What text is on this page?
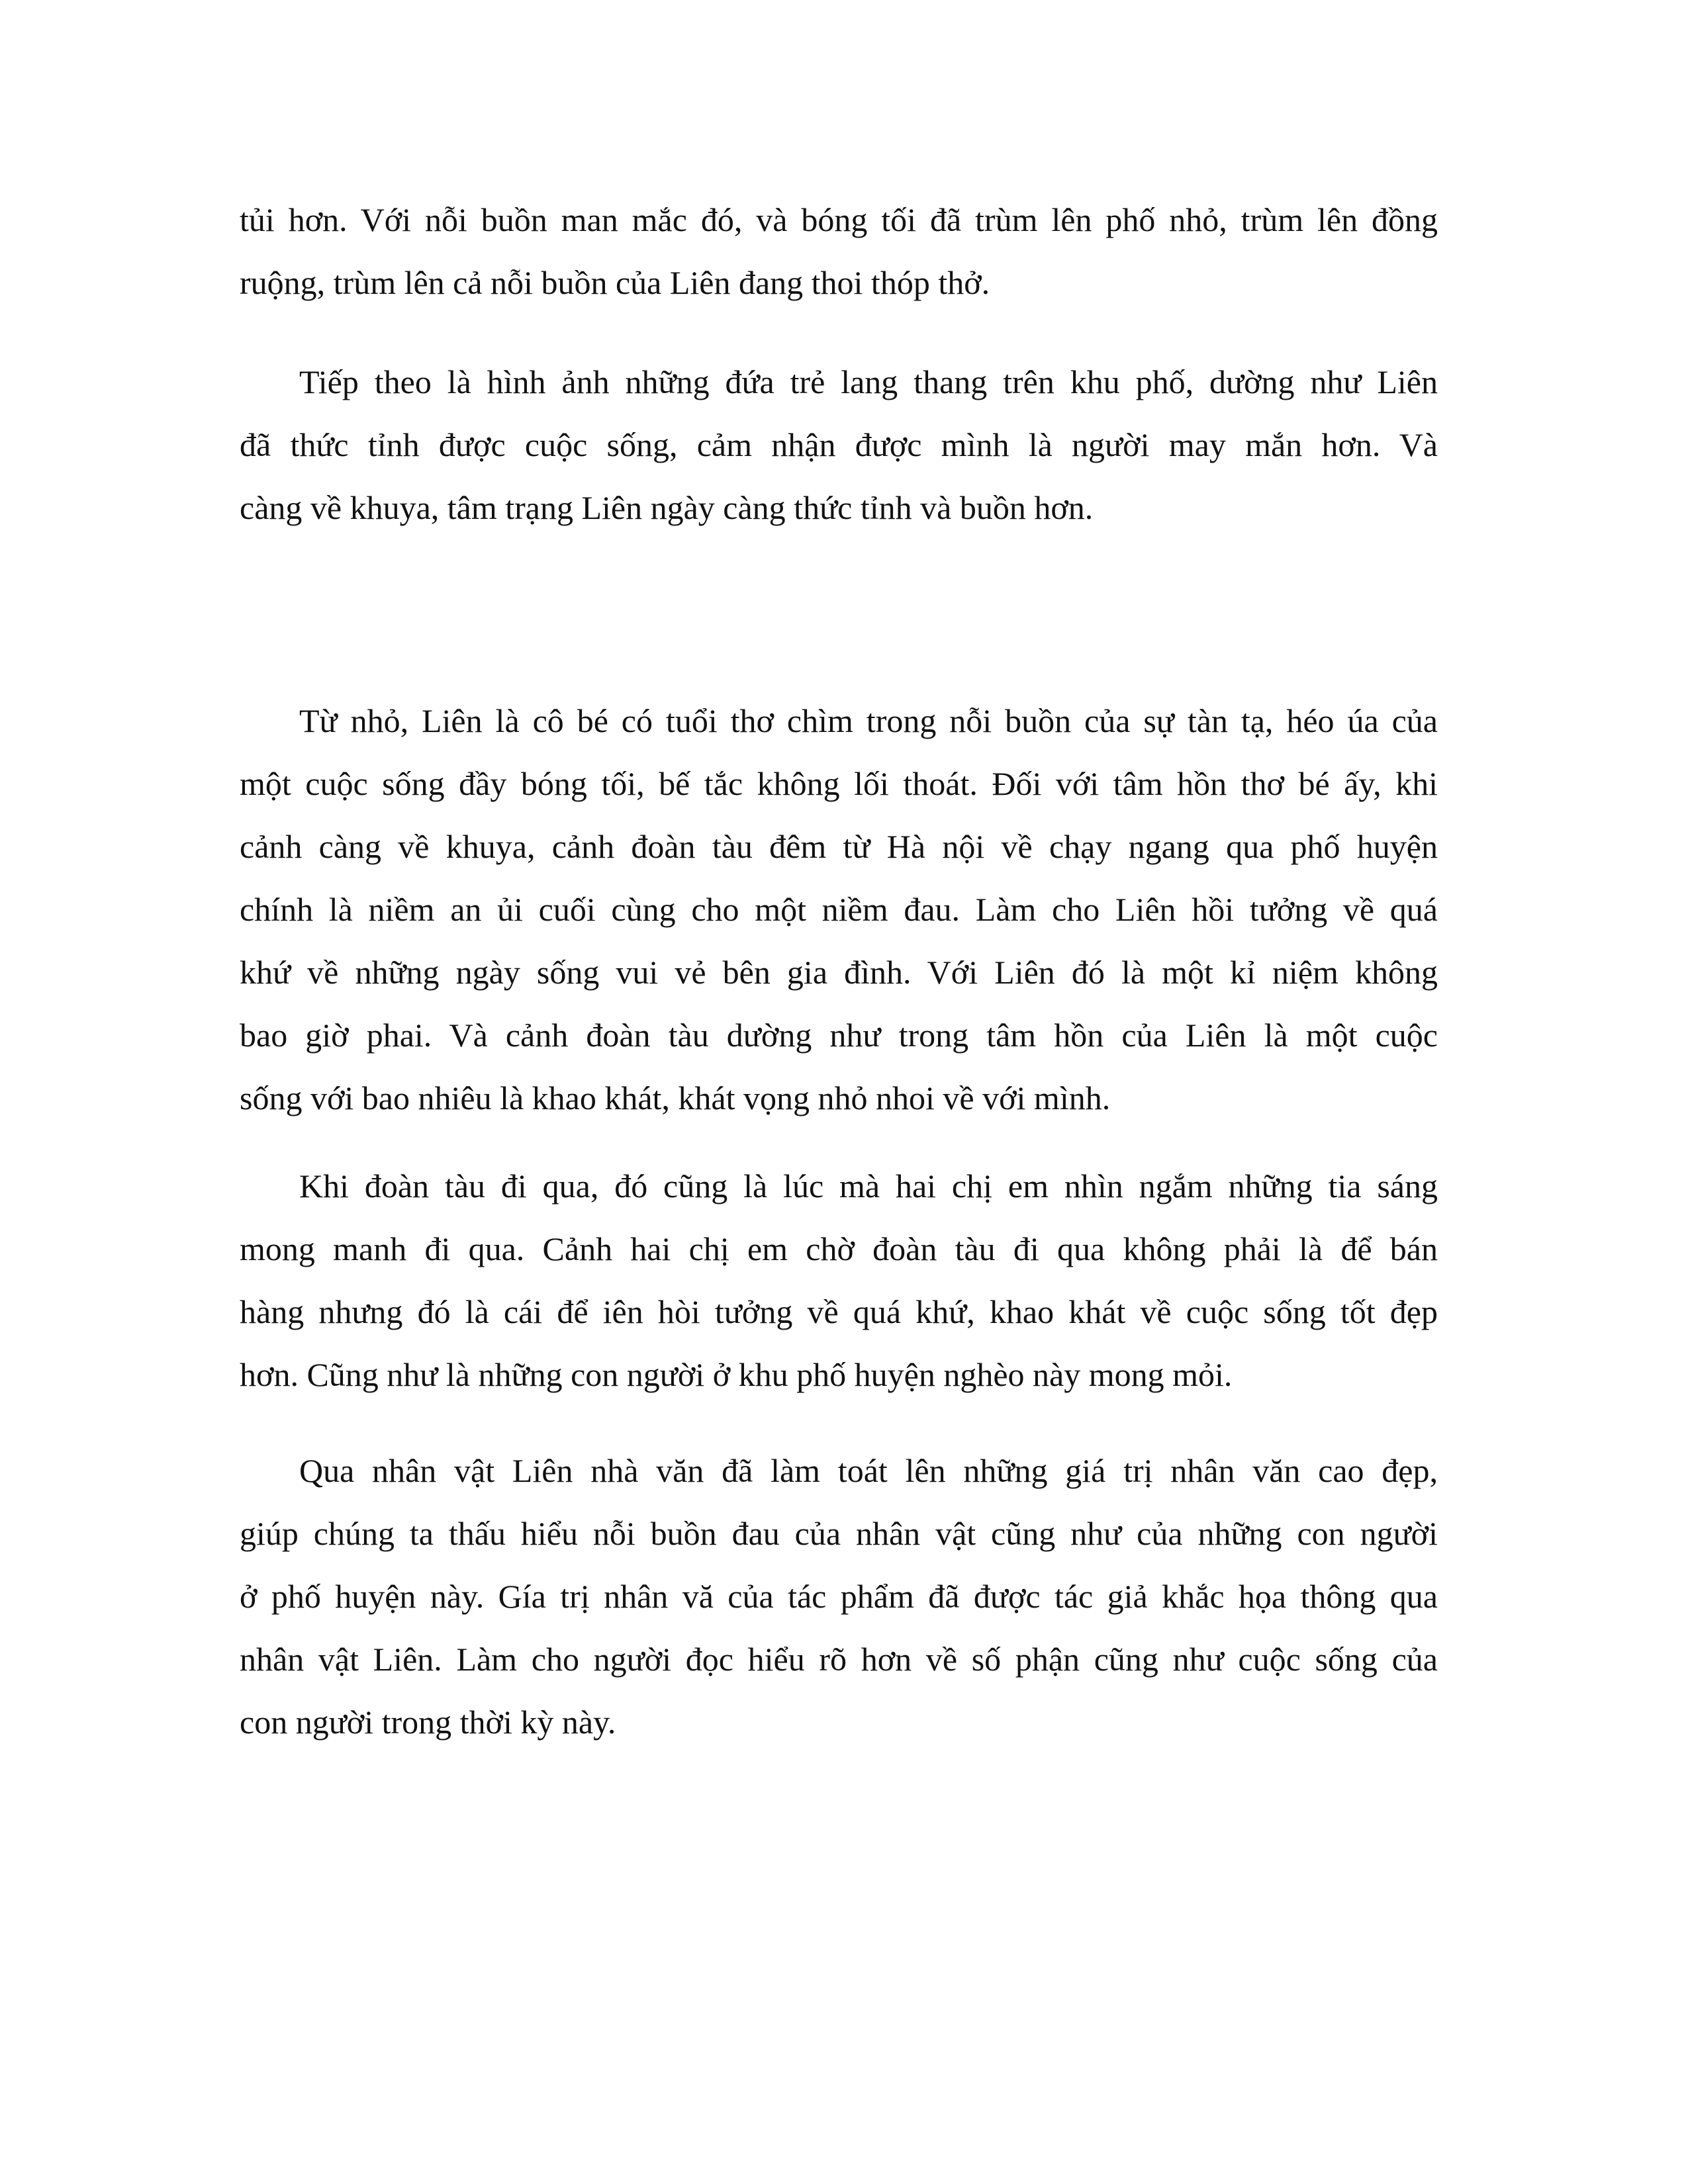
tủi hơn. Với nỗi buồn man mắc đó, và bóng tối đã trùm lên phố nhỏ, trùm lên đồng
ruộng, trùm lên cả nỗi buồn của Liên đang thoi thóp thở.
Tiếp theo là hình ảnh những đứa trẻ lang thang trên khu phố, dường như Liên
đã thức tỉnh được cuộc sống, cảm nhận được mình là người may mắn hơn. Và
càng về khuya, tâm trạng Liên ngày càng thức tỉnh và buồn hơn.
Từ nhỏ, Liên là cô bé có tuổi thơ chìm trong nỗi buồn của sự tàn tạ, héo úa của
một cuộc sống đầy bóng tối, bế tắc không lối thoát. Đối với tâm hồn thơ bé ấy, khi
cảnh càng về khuya, cảnh đoàn tàu đêm từ Hà nội về chạy ngang qua phố huyện
chính là niềm an ủi cuối cùng cho một niềm đau. Làm cho Liên hồi tưởng về quá
khứ về những ngày sống vui vẻ bên gia đình. Với Liên đó là một kỉ niệm không
bao giờ phai. Và cảnh đoàn tàu dường như trong tâm hồn của Liên là một cuộc
sống với bao nhiêu là khao khát, khát vọng nhỏ nhoi về với mình.
Khi đoàn tàu đi qua, đó cũng là lúc mà hai chị em nhìn ngắm những tia sáng
mong manh đi qua. Cảnh hai chị em chờ đoàn tàu đi qua không phải là để bán
hàng nhưng đó là cái để iên hòi tưởng về quá khứ, khao khát về cuộc sống tốt đẹp
hơn. Cũng như là những con người ở khu phố huyện nghèo này mong mỏi.
Qua nhân vật Liên nhà văn đã làm toát lên những giá trị nhân văn cao đẹp,
giúp chúng ta thấu hiểu nỗi buồn đau của nhân vật cũng như của những con người
ở phố huyện này. Gía trị nhân vă của tác phẩm đã được tác giả khắc họa thông qua
nhân vật Liên. Làm cho người đọc hiểu rõ hơn về số phận cũng như cuộc sống của
con người trong thời kỳ này.
